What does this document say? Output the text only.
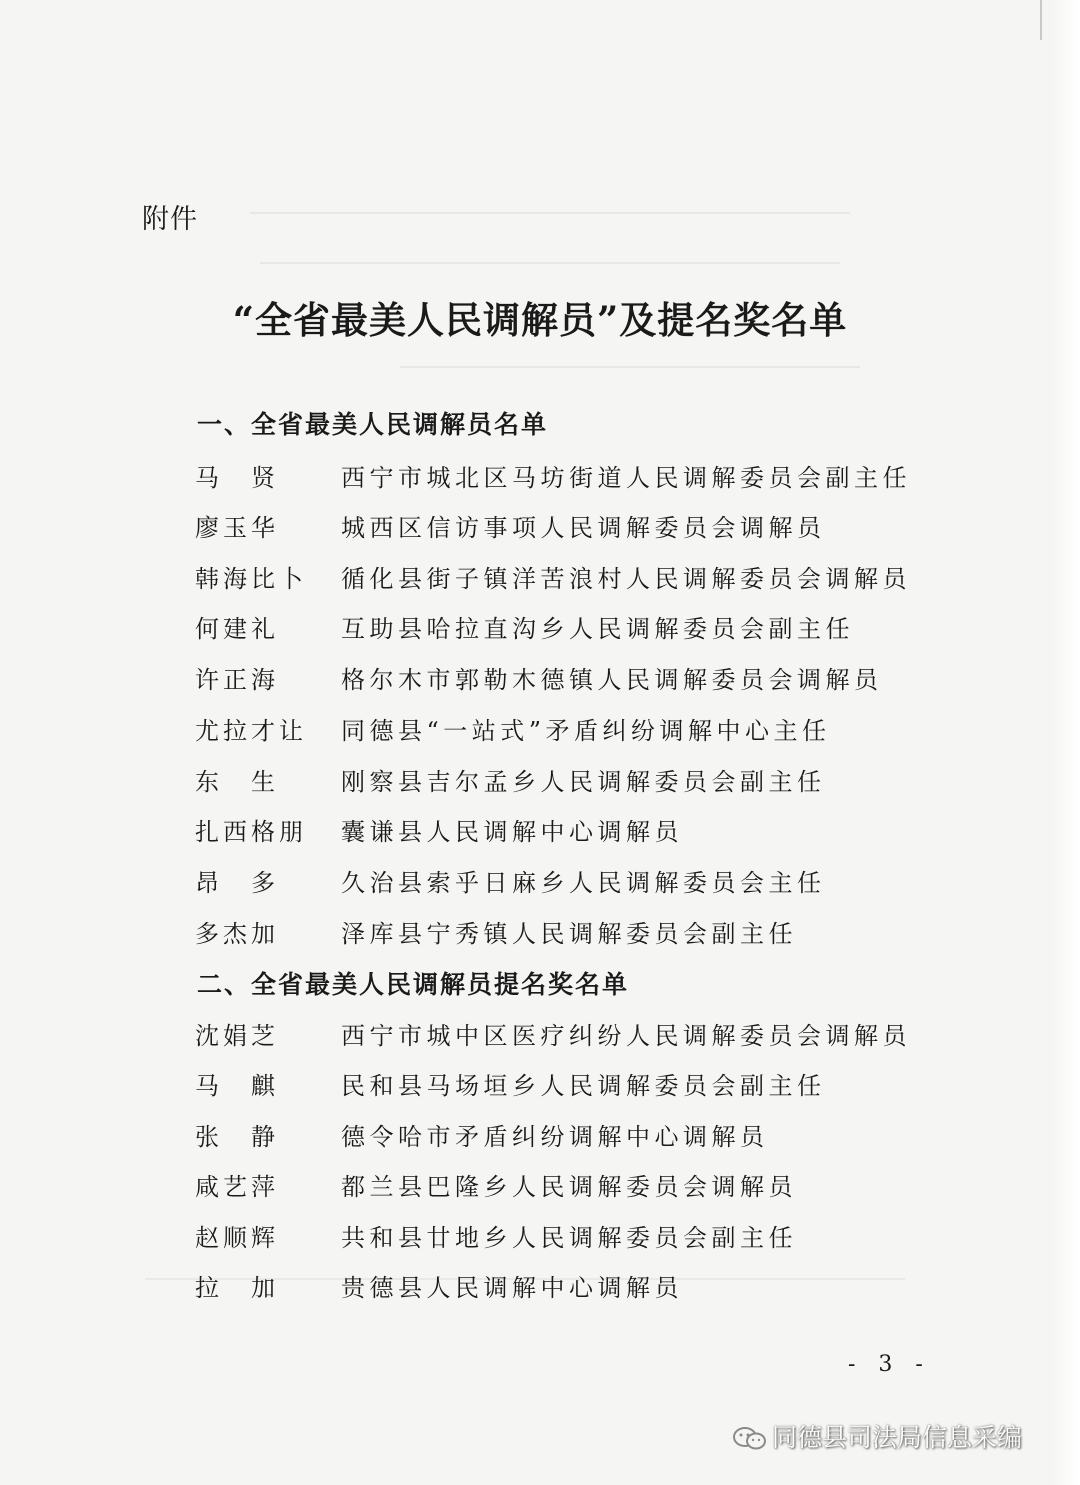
附件
“全省最美人民调解员”及提名奖名单
一、全省最美人民调解员名单
马　贤	西宁市城北区马坊街道人民调解委员会副主任
廖玉华	城西区信访事项人民调解委员会调解员
韩海比卜 循化县街子镇洋苦浪村人民调解委员会调解员
何建礼	互助县哈拉直沟乡人民调解委员会副主任
许正海	格尔木市郭勒木德镇人民调解委员会调解员
尤拉才让 同德县“一站式”矛盾纠纷调解中心主任
东　生	刚察县吉尔孟乡人民调解委员会副主任
扎西格朋 囊谦县人民调解中心调解员
昂　多	久治县索乎日麻乡人民调解委员会主任
多杰加	泽库县宁秀镇人民调解委员会副主任
二、全省最美人民调解员提名奖名单
沈娟芝	西宁市城中区医疗纠纷人民调解委员会调解员
马　麒	民和县马场垣乡人民调解委员会副主任
张　静	德令哈市矛盾纠纷调解中心调解员
咸艺萍	都兰县巴隆乡人民调解委员会调解员
赵顺辉	共和县廿地乡人民调解委员会副主任
拉　加	贵德县人民调解中心调解员
- 3 -
同德县司法局信息采编
